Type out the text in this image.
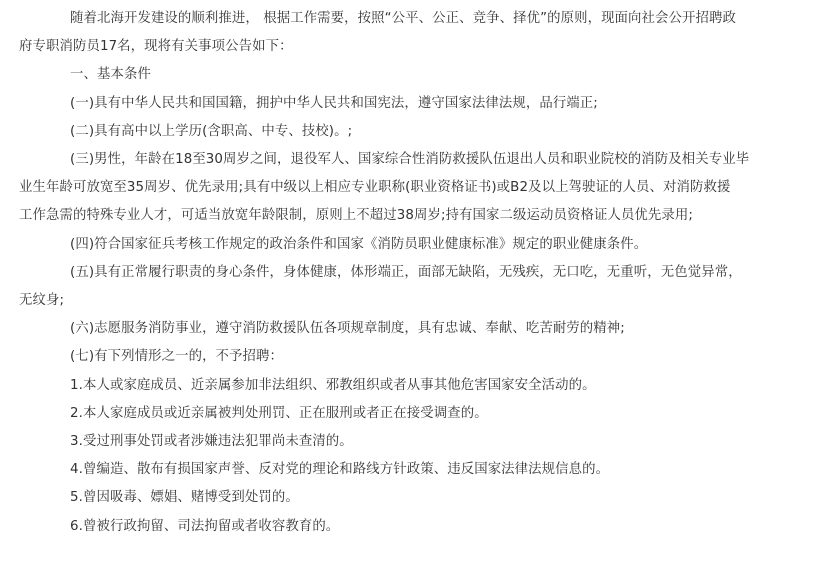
随着北海开发建设的顺利推进， 根据工作需要，按照“公平、公正、竞争、择优”的原则，现面向社会公开招聘政

府专职消防员17名，现将有关事项公告如下：

一、基本条件

(一)具有中华人民共和国国籍，拥护中华人民共和国宪法，遵守国家法律法规，品行端正;

(二)具有高中以上学历(含职高、中专、技校)。;

(三)男性，年龄在18至30周岁之间，退役军人、国家综合性消防救援队伍退出人员和职业院校的消防及相关专业毕

业生年龄可放宽至35周岁、优先录用;具有中级以上相应专业职称(职业资格证书)或B2及以上驾驶证的人员、对消防救援

工作急需的特殊专业人才，可适当放宽年龄限制，原则上不超过38周岁;持有国家二级运动员资格证人员优先录用;

(四)符合国家征兵考核工作规定的政治条件和国家《消防员职业健康标准》规定的职业健康条件。

(五)具有正常履行职责的身心条件，身体健康，体形端正，面部无缺陷，无残疾，无口吃，无重听，无色觉异常，

无纹身;

(六)志愿服务消防事业，遵守消防救援队伍各项规章制度，具有忠诚、奉献、吃苦耐劳的精神;

(七)有下列情形之一的，不予招聘：

1.本人或家庭成员、近亲属参加非法组织、邪教组织或者从事其他危害国家安全活动的。

2.本人家庭成员或近亲属被判处刑罚、正在服刑或者正在接受调查的。

3.受过刑事处罚或者涉嫌违法犯罪尚未查清的。

4.曾编造、散布有损国家声誉、反对党的理论和路线方针政策、违反国家法律法规信息的。

5.曾因吸毒、嫖娼、赌博受到处罚的。

6.曾被行政拘留、司法拘留或者收容教育的。
